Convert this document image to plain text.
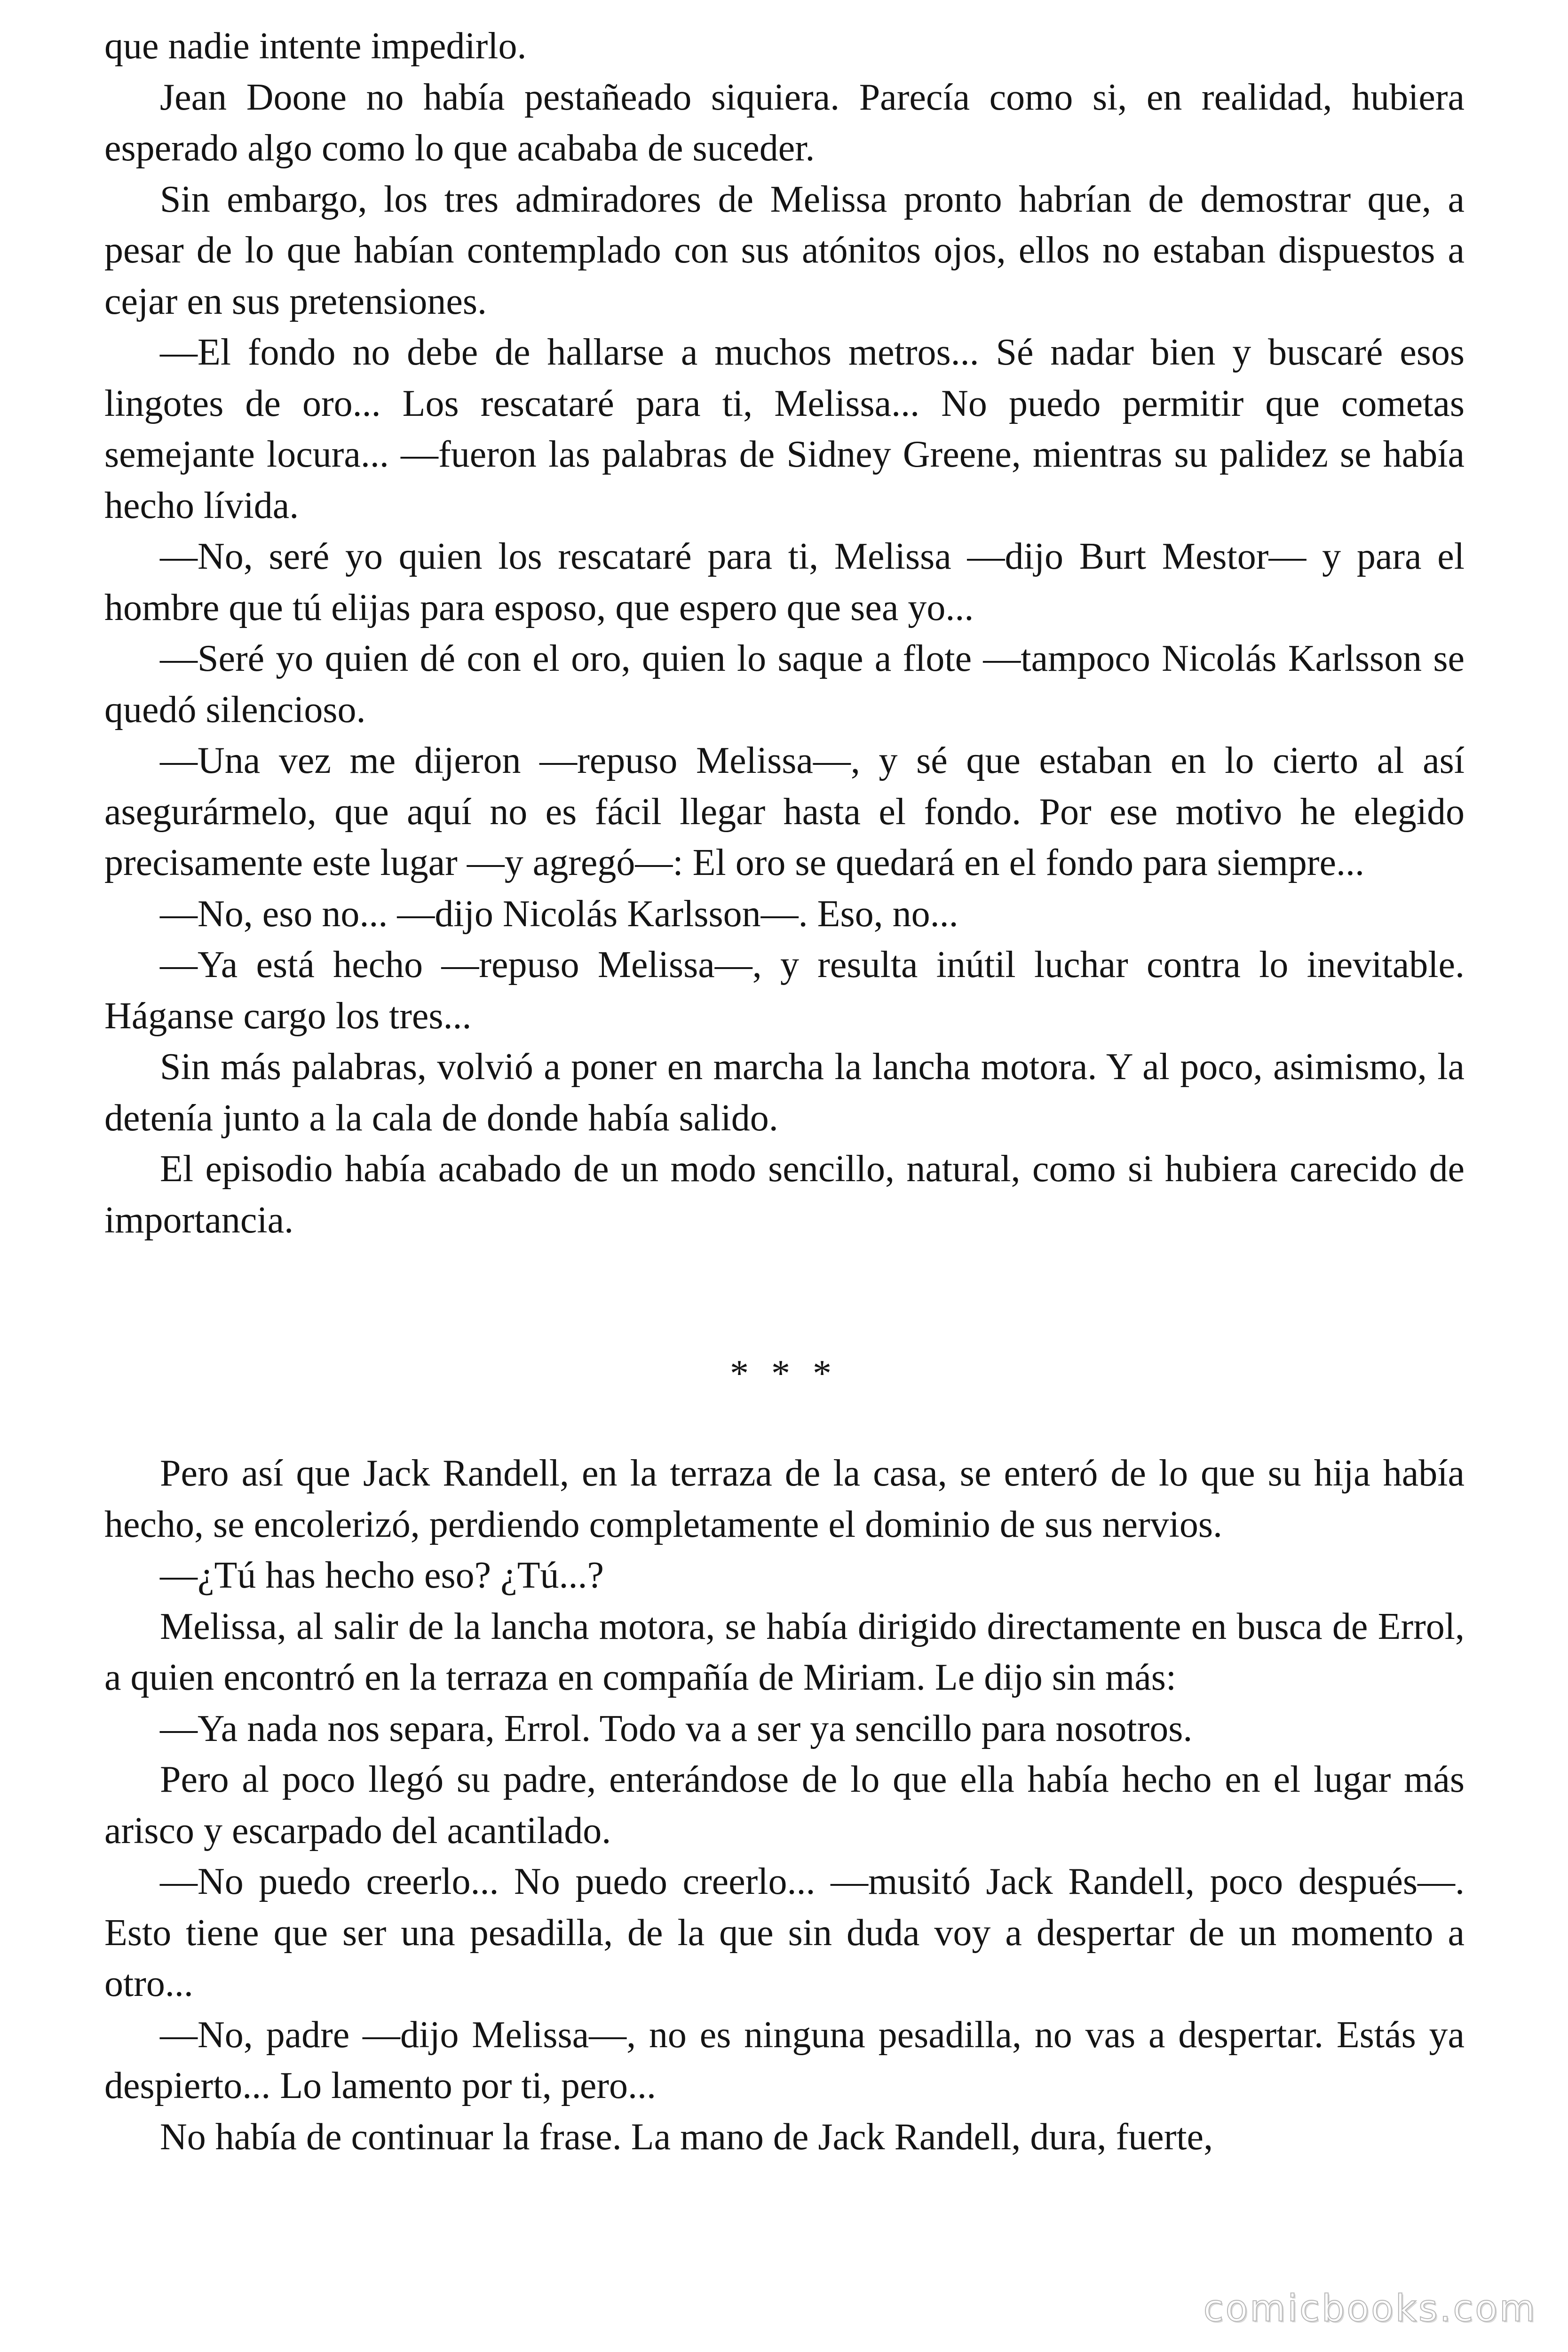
que nadie intente impedirlo.

Jean Doone no había pestañeado siquiera. Parecía como si, en realidad, hubiera esperado algo como lo que acababa de suceder.

Sin embargo, los tres admiradores de Melissa pronto habrían de demostrar que, a pesar de lo que habían contemplado con sus atónitos ojos, ellos no estaban dispuestos a cejar en sus pretensiones.

—El fondo no debe de hallarse a muchos metros... Sé nadar bien y buscaré esos lingotes de oro... Los rescataré para ti, Melissa... No puedo permitir que cometas semejante locura... —fueron las palabras de Sidney Greene, mientras su palidez se había hecho lívida.

—No, seré yo quien los rescataré para ti, Melissa —dijo Burt Mestor— y para el hombre que tú elijas para esposo, que espero que sea yo...

—Seré yo quien dé con el oro, quien lo saque a flote —tampoco Nicolás Karlsson se quedó silencioso.

—Una vez me dijeron —repuso Melissa—, y sé que estaban en lo cierto al así asegurármelo, que aquí no es fácil llegar hasta el fondo. Por ese motivo he elegido precisamente este lugar —y agregó—: El oro se quedará en el fondo para siempre...

—No, eso no... —dijo Nicolás Karlsson—. Eso, no...

—Ya está hecho —repuso Melissa—, y resulta inútil luchar contra lo inevitable. Háganse cargo los tres...

Sin más palabras, volvió a poner en marcha la lancha motora. Y al poco, asimismo, la detenía junto a la cala de donde había salido.

El episodio había acabado de un modo sencillo, natural, como si hubiera carecido de importancia.

* * *

Pero así que Jack Randell, en la terraza de la casa, se enteró de lo que su hija había hecho, se encolerizó, perdiendo completamente el dominio de sus nervios.

—¿Tú has hecho eso? ¿Tú...?

Melissa, al salir de la lancha motora, se había dirigido directamente en busca de Errol, a quien encontró en la terraza en compañía de Miriam. Le dijo sin más:

—Ya nada nos separa, Errol. Todo va a ser ya sencillo para nosotros.

Pero al poco llegó su padre, enterándose de lo que ella había hecho en el lugar más arisco y escarpado del acantilado.

—No puedo creerlo... No puedo creerlo... —musitó Jack Randell, poco después—. Esto tiene que ser una pesadilla, de la que sin duda voy a despertar de un momento a otro...

—No, padre —dijo Melissa—, no es ninguna pesadilla, no vas a despertar. Estás ya despierto... Lo lamento por ti, pero...

No había de continuar la frase. La mano de Jack Randell, dura, fuerte,

comicbooks.com
